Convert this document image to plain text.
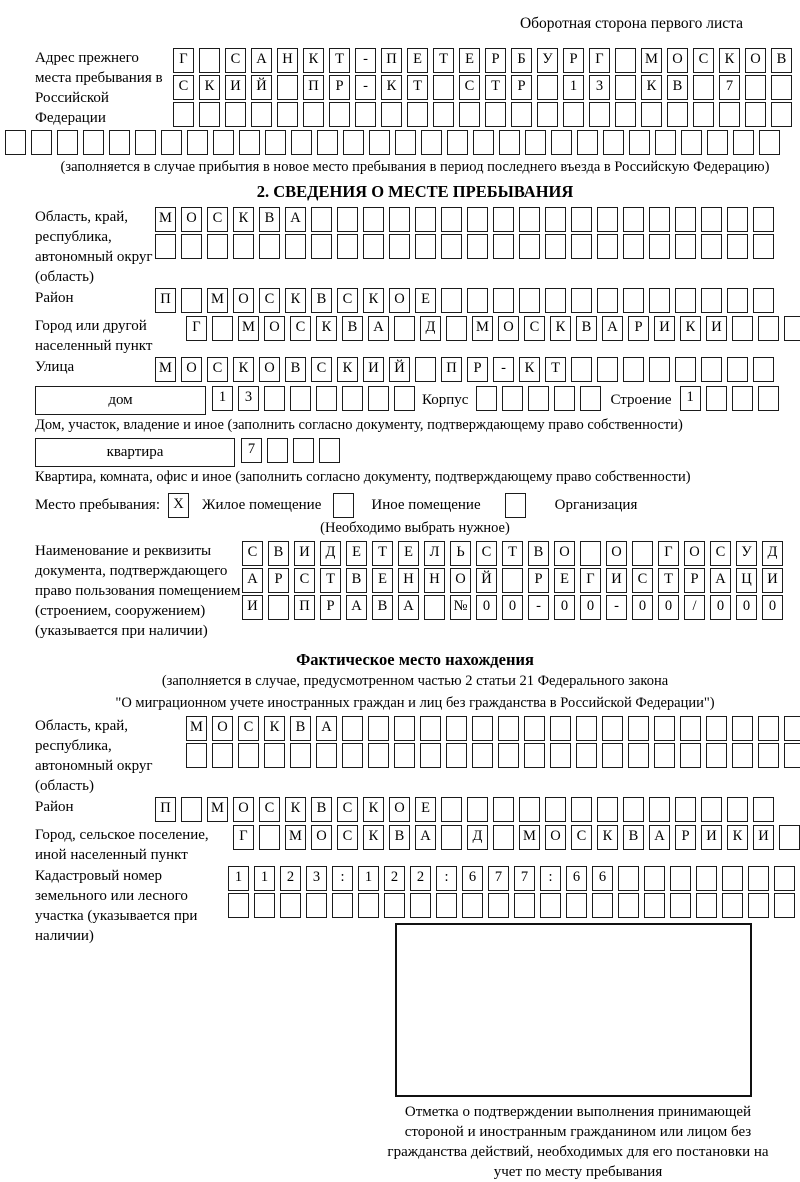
Оборотная сторона первого листа
Адрес прежнего места пребывания в Российской Федерации
Г	С А Н К Т - П Е Т Е Р Б У Р Г	М О С К О В
С К И Й	П Р - К Т	С Т Р	1 3	К В	7
(заполняется в случае прибытия в новое место пребывания в период последнего въезда в Российскую Федерацию)
2. СВЕДЕНИЯ О МЕСТЕ ПРЕБЫВАНИЯ
Область, край, республика, автономный округ (область)
М О С К В А
Район	П	М О С К В С К О Е
Город или другой населенный пункт
Г	М О С К В А	Д	М О С К В А Р И К И
Улица	М О С К О В С К И Й	П Р - К Т
дом	1 3	Корпус	Строение	1
Дом, участок, владение и иное (заполнить согласно документу, подтверждающему право собственности)
квартира	7
Квартира, комната, офис и иное (заполнить согласно документу, подтверждающему право собственности)
Место пребывания: X	Жилое помещение	Иное помещение	Организация
(Необходимо выбрать нужное)
Наименование и реквизиты документа, подтверждающего право пользования помещением (строением, сооружением) (указывается при наличии)
С В И Д Е Т Е Л Ь С Т В О	О	Г О С У Д
А Р С Т В Е Н Н О Й	Р Е Г И С Т Р А Ц И
И	П Р А В А	№ 0 0 - 0 0 - 0 0 / 0 0 0
Фактическое место нахождения
(заполняется в случае, предусмотренном частью 2 статьи 21 Федерального закона
"О миграционном учете иностранных граждан и лиц без гражданства в Российской Федерации")
Область, край, республика, автономный округ (область)
М О С К В А
Район	П	М О С К В С К О Е
Город, сельское поселение, иной населенный пункт
Г	М О С К В А	Д	М О С К В А Р И К И
Кадастровый номер земельного или лесного участка (указывается при наличии)
1 1 2 3 : 1 2 2 : 6 7 7 : 6 6
Отметка о подтверждении выполнения принимающей стороной и иностранным гражданином или лицом без гражданства действий, необходимых для его постановки на учет по месту пребывания
